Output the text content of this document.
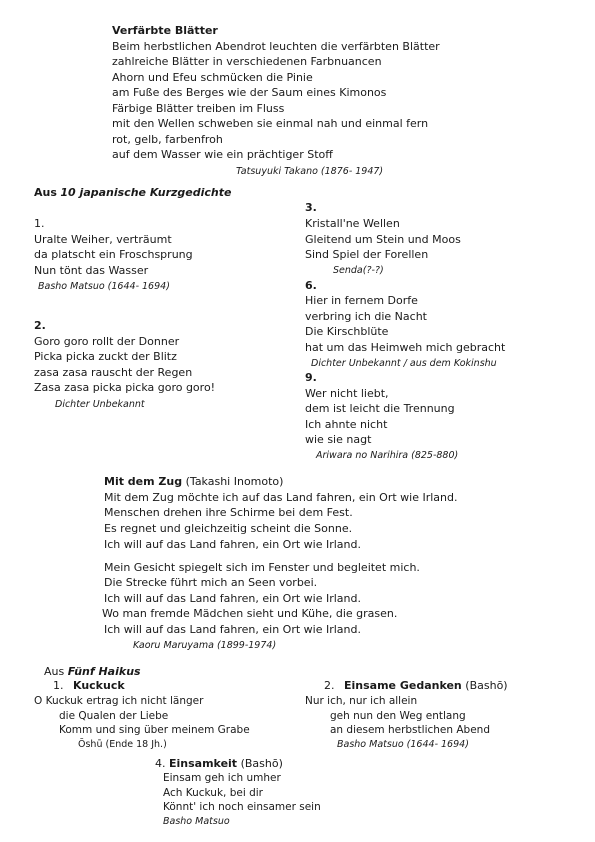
Verfärbte Blätter
Beim herbstlichen Abendrot leuchten die verfärbten Blätter
zahlreiche Blätter in verschiedenen Farbnuancen
Ahorn und Efeu schmücken die Pinie
am Fuße des Berges wie der Saum eines Kimonos
Färbige Blätter treiben im Fluss
mit den Wellen schweben sie einmal nah und einmal fern
rot, gelb, farbenfroh
auf dem Wasser wie ein prächtiger Stoff
Tatsuyuki Takano (1876- 1947)
Aus 10 japanische Kurzgedichte
1.
Uralte Weiher, verträumt
da platscht ein Froschsprung
Nun tönt das Wasser
Basho Matsuo (1644- 1694)
2.
Goro goro rollt der Donner
Picka picka zuckt der Blitz
zasa zasa rauscht der Regen
Zasa zasa picka picka goro goro!
Dichter Unbekannt
3.
Kristall'ne Wellen
Gleitend um Stein und Moos
Sind Spiel der Forellen
Senda(?-?)
6.
Hier in fernem Dorfe
verbring ich die Nacht
Die Kirschblüte
hat um das Heimweh mich gebracht
Dichter Unbekannt / aus dem Kokinshu
9.
Wer nicht liebt,
dem ist leicht die Trennung
Ich ahnte nicht
wie sie nagt
Ariwara no Narihira (825-880)
Mit dem Zug (Takashi Inomoto)
Mit dem Zug möchte ich auf das Land fahren, ein Ort wie Irland.
Menschen drehen ihre Schirme bei dem Fest.
Es regnet und gleichzeitig scheint die Sonne.
Ich will auf das Land fahren, ein Ort wie Irland.
Mein Gesicht spiegelt sich im Fenster und begleitet mich.
Die Strecke führt mich an Seen vorbei.
Ich will auf das Land fahren, ein Ort wie Irland.
Wo man fremde Mädchen sieht und Kühe, die grasen.
Ich will auf das Land fahren, ein Ort wie Irland.
Kaoru Maruyama (1899-1974)
Aus Fünf Haikus
1. Kuckuck
O Kuckuk ertrag ich nicht länger
die Qualen der Liebe
Komm und sing über meinem Grabe
Ōshū (Ende 18 Jh.)
2. Einsame Gedanken (Bashō)
Nur ich, nur ich allein
geh nun den Weg entlang
an diesem herbstlichen Abend
Basho Matsuo (1644- 1694)
4. Einsamkeit (Bashō)
Einsam geh ich umher
Ach Kuckuk, bei dir
Könnt' ich noch einsamer sein
Basho Matsuo
